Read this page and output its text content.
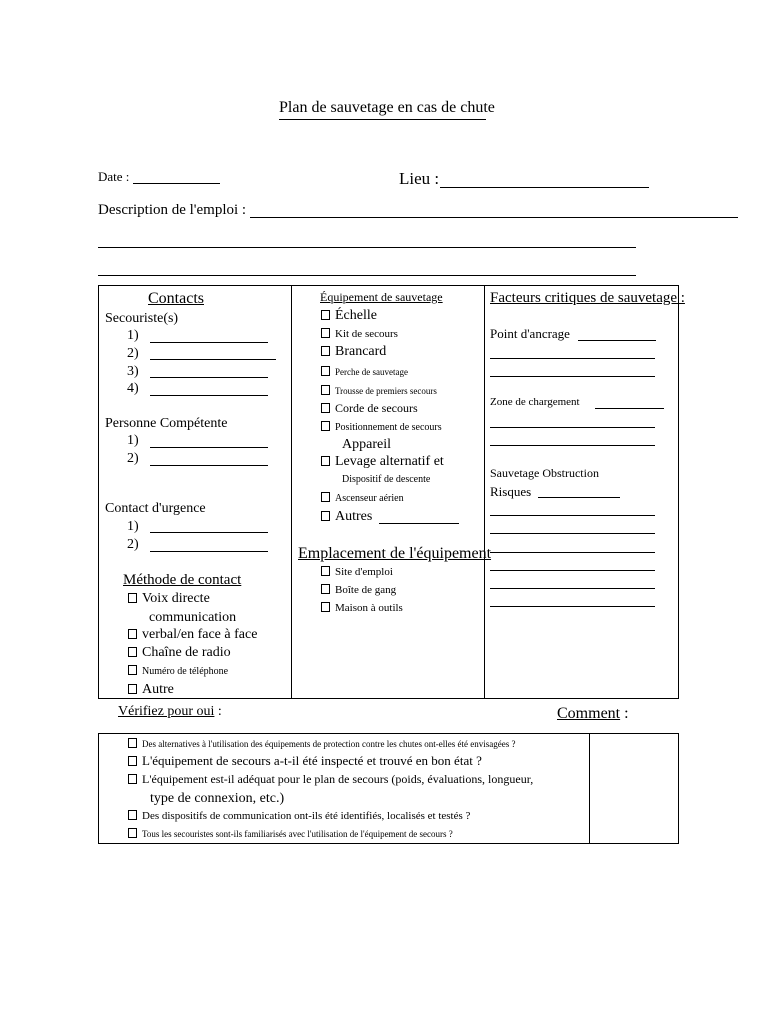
Plan de sauvetage en cas de chute
Date :	Lieu :
Description de l'emploi :
Contacts
Secouriste(s)
1)
2)
3)
4)
Personne Compétente
1)
2)
Contact d'urgence
1)
2)
Méthode de contact
Voix directe
communication
verbal/en face à face
Chaîne de radio
Numéro de téléphone
Autre
Équipement de sauvetage
Échelle
Kit de secours
Brancard
Perche de sauvetage
Trousse de premiers secours
Corde de secours
Positionnement de secours
Appareil
Levage alternatif et
Dispositif de descente
Ascenseur aérien
Autres
Emplacement de l'équipement
Site d'emploi
Boîte de gang
Maison à outils
Facteurs critiques de sauvetage :
Point d'ancrage
Zone de chargement
Sauvetage Obstruction
Risques
Vérifiez pour oui :	Comment :
Des alternatives à l'utilisation des équipements de protection contre les chutes ont-elles été envisagées ?
L'équipement de secours a-t-il été inspecté et trouvé en bon état ?
L'équipement est-il adéquat pour le plan de secours (poids, évaluations, longueur,
type de connexion, etc.)
Des dispositifs de communication ont-ils été identifiés, localisés et testés ?
Tous les secouristes sont-ils familiarisés avec l'utilisation de l'équipement de secours ?
